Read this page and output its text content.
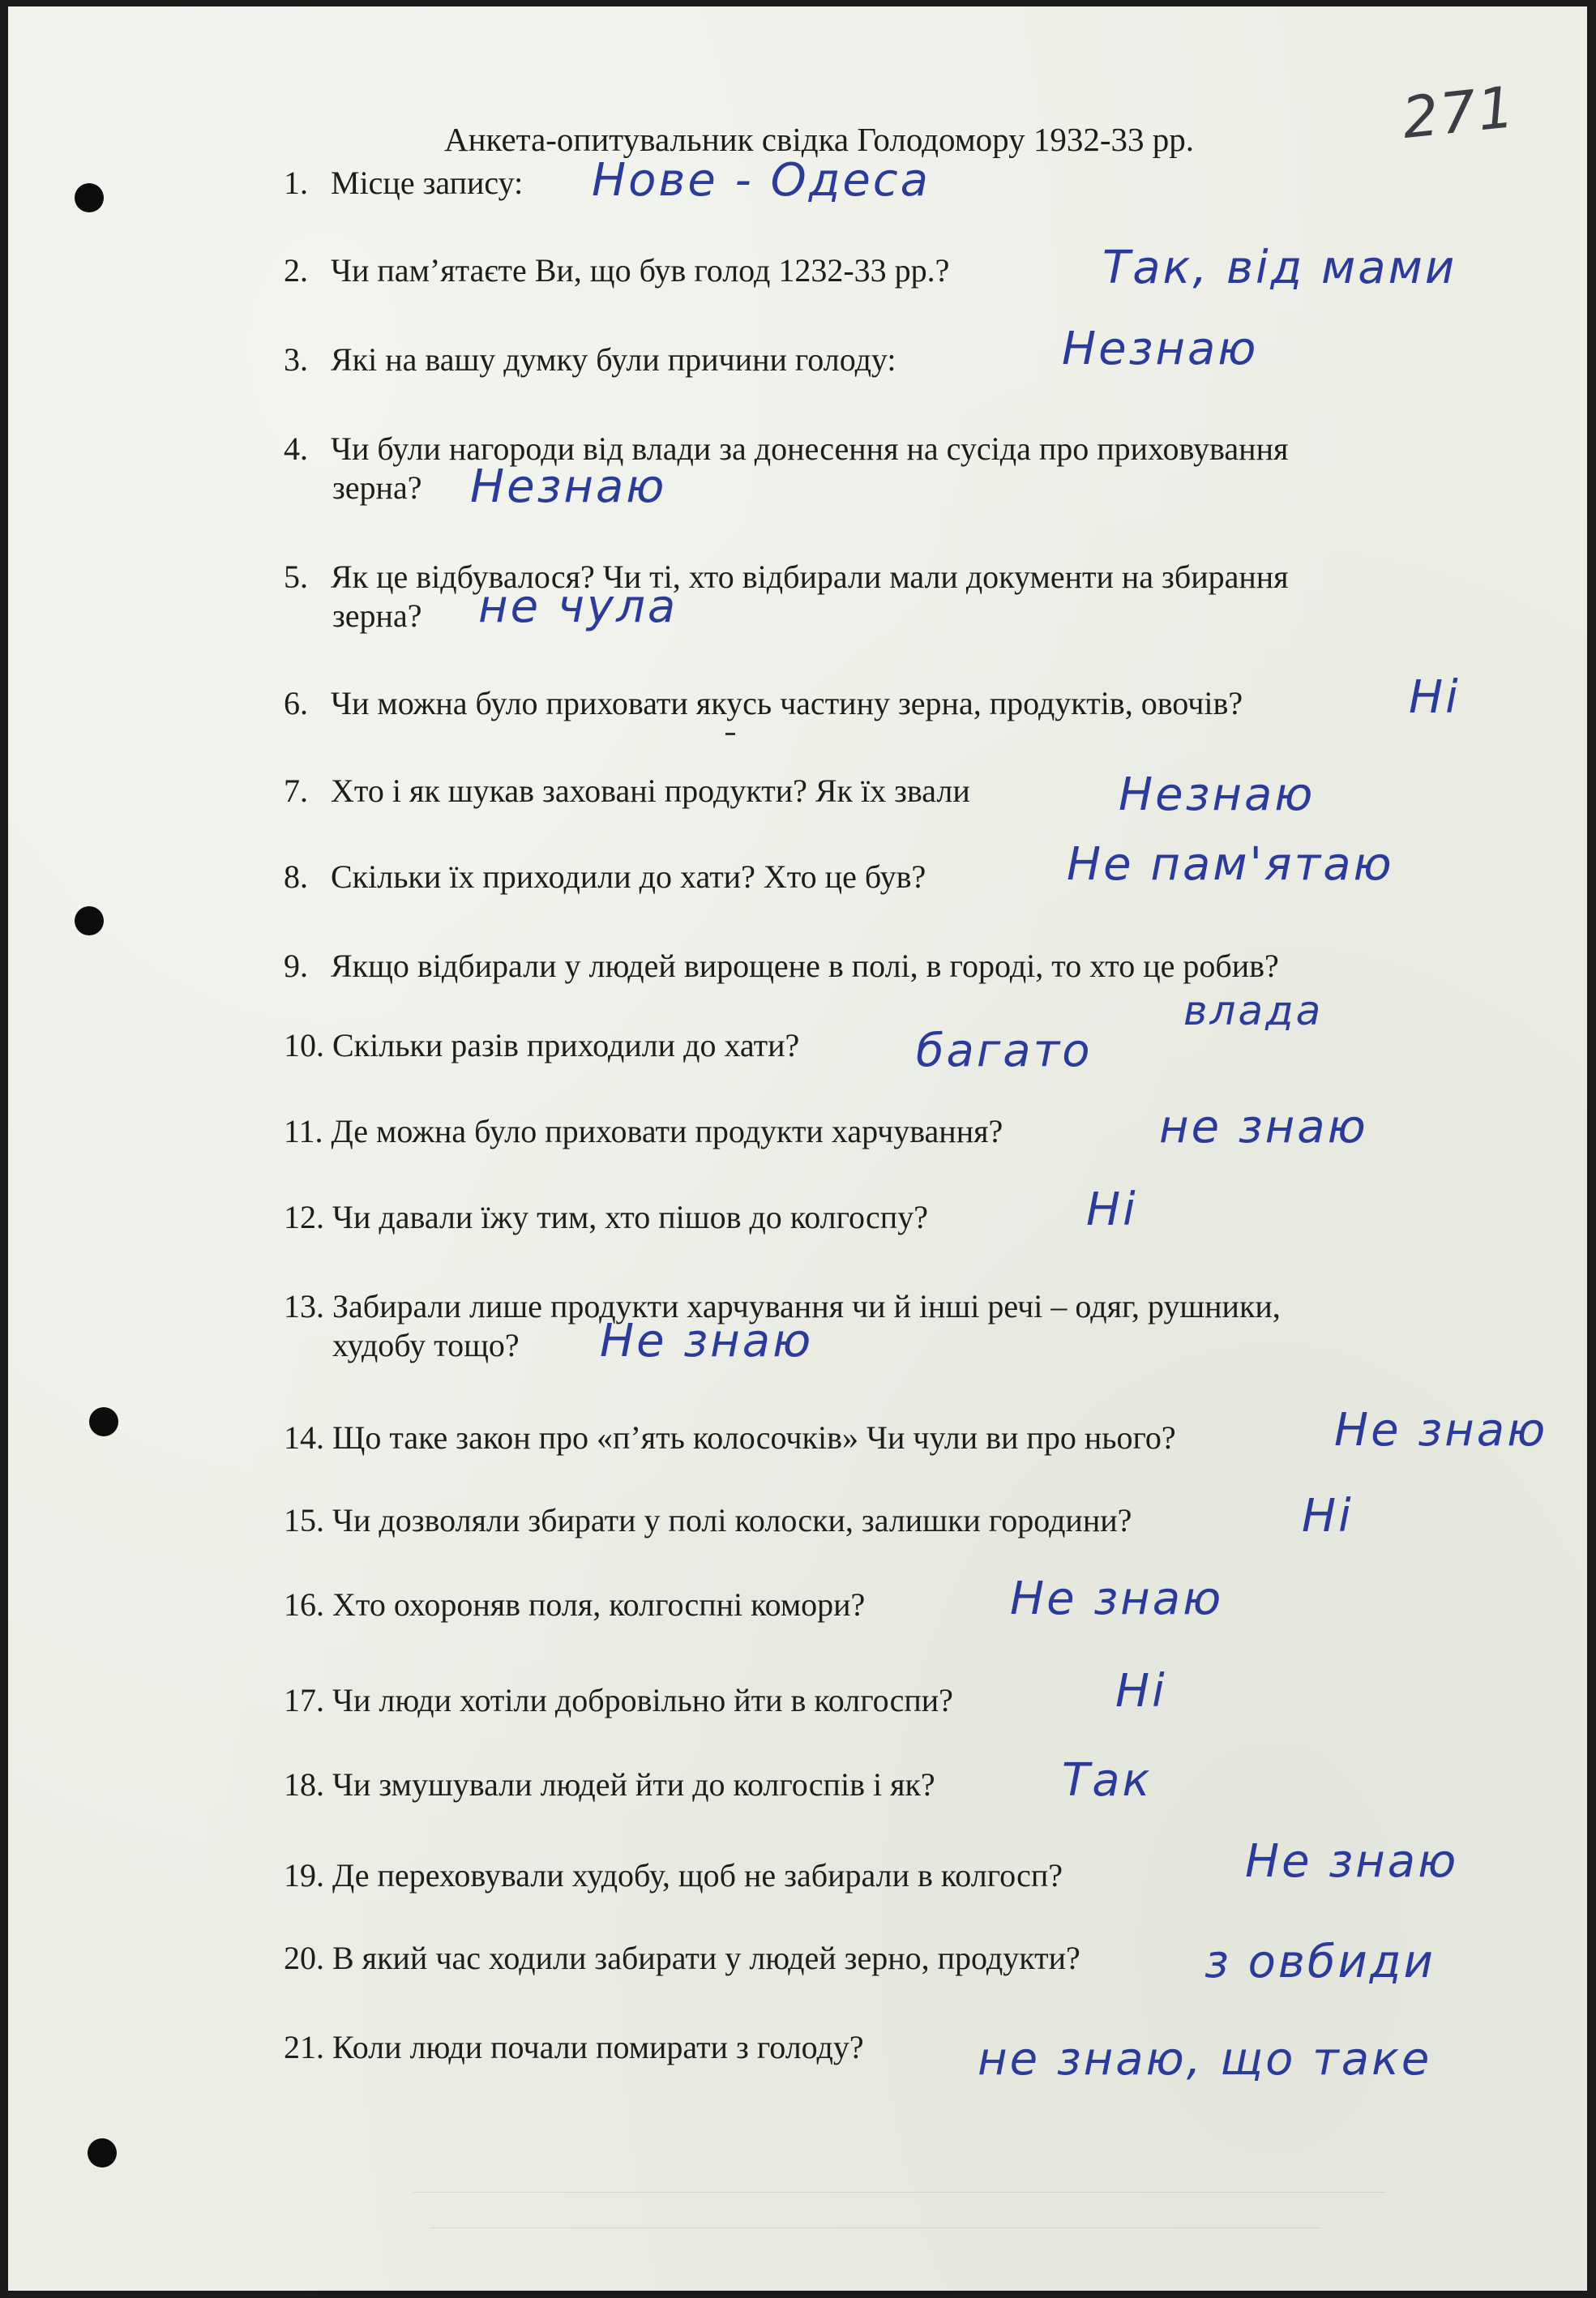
271
Анкета-опитувальник свідка Голодомору 1932-33 рр.
1. Місце запису: Нове - Одеса
2. Чи пам’ятаєте Ви, що був голод 1232-33 рр.?	Так, від мами
3. Які на вашу думку були причини голоду:	Незнаю
4. Чи були нагороди від влади за донесення на сусіда про приховування
зерна? Незнаю
5. Як це відбувалося? Чи ті, хто відбирали мали документи на збирання
зерна? не чула
6. Чи можна було приховати якусь частину зерна, продуктів, овочів?	Ні
7. Хто і як шукав заховані продукти? Як їх звали	Незнаю
8. Скільки їх приходили до хати? Хто це був?	Не пам'ятаю
9. Якщо відбирали у людей вирощене в полі, в городі, то хто це робив?
влада
10. Скільки разів приходили до хати?	багато
11. Де можна було приховати продукти харчування?	не знаю
12. Чи давали їжу тим, хто пішов до колгоспу?	Ні
13. Забирали лише продукти харчування чи й інші речі – одяг, рушники,
худобу тощо? Не знаю
14. Що таке закон про «п’ять колосочків» Чи чули ви про нього?	Не знаю
15. Чи дозволяли збирати у полі колоски, залишки городини?	Ні
16. Хто охороняв поля, колгоспні комори?	Не знаю
17. Чи люди хотіли добровільно йти в колгоспи?	Ні
18. Чи змушували людей йти до колгоспів і як?	Так
19. Де переховували худобу, щоб не забирали в колгосп?	Не знаю
20. В який час ходили забирати у людей зерно, продукти?	з овбиди
21. Коли люди почали помирати з голоду?	не знаю, що таке
